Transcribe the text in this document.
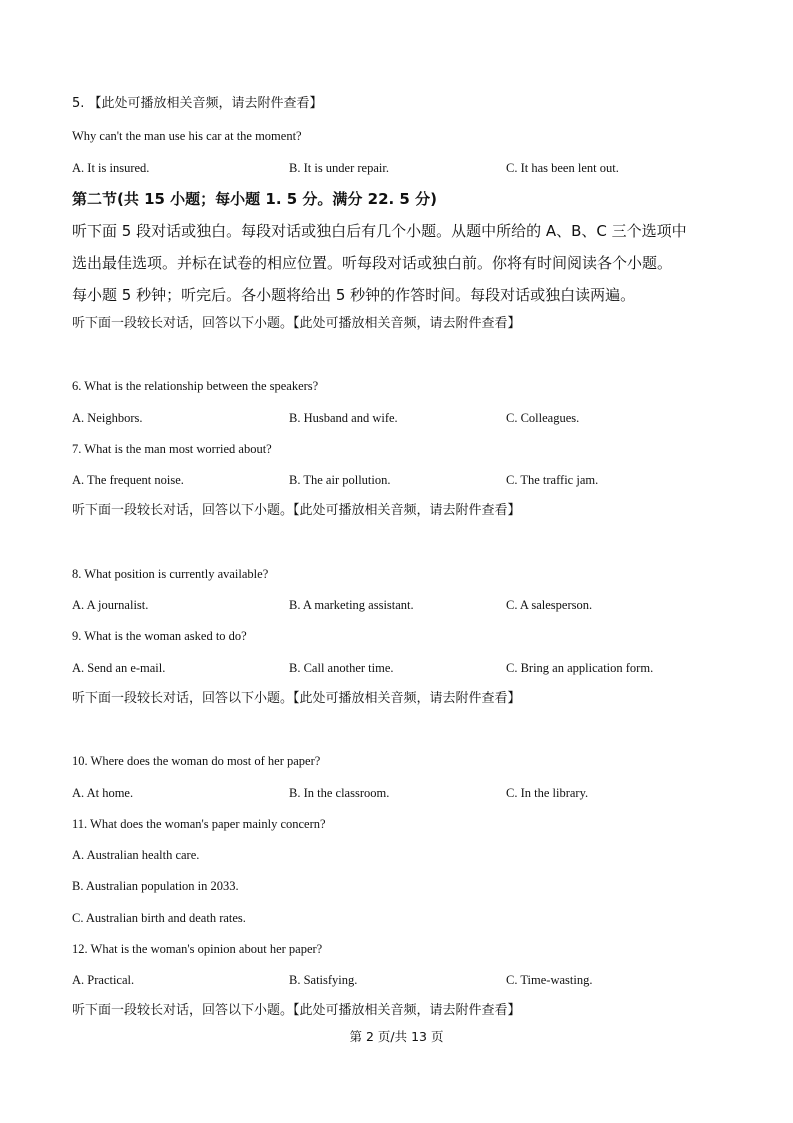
5. 【此处可播放相关音频，请去附件查看】
Why can't the man use his car at the moment?
A. It is insured.	B. It is under repair.	C. It has been lent out.
第二节(共 15 小题；每小题 1. 5 分。满分 22. 5 分)
听下面 5 段对话或独白。每段对话或独白后有几个小题。从题中所给的 A、B、C 三个选项中
选出最佳选项。并标在试卷的相应位置。听每段对话或独白前。你将有时间阅读各个小题。
每小题 5 秒钟；听完后。各小题将给出 5 秒钟的作答时间。每段对话或独白读两遍。
听下面一段较长对话，回答以下小题。【此处可播放相关音频，请去附件查看】
6. What is the relationship between the speakers?
A. Neighbors.	B. Husband and wife.	C. Colleagues.
7. What is the man most worried about?
A. The frequent noise.	B. The air pollution.	C. The traffic jam.
听下面一段较长对话，回答以下小题。【此处可播放相关音频，请去附件查看】
8. What position is currently available?
A. A journalist.	B. A marketing assistant.	C. A salesperson.
9. What is the woman asked to do?
A. Send an e-mail.	B. Call another time.	C. Bring an application form.
听下面一段较长对话，回答以下小题。【此处可播放相关音频，请去附件查看】
10. Where does the woman do most of her paper?
A. At home.	B. In the classroom.	C. In the library.
11. What does the woman's paper mainly concern?
A. Australian health care.
B. Australian population in 2033.
C. Australian birth and death rates.
12. What is the woman's opinion about her paper?
A. Practical.	B. Satisfying.	C. Time-wasting.
听下面一段较长对话，回答以下小题。【此处可播放相关音频，请去附件查看】
第 2 页/共 13 页
